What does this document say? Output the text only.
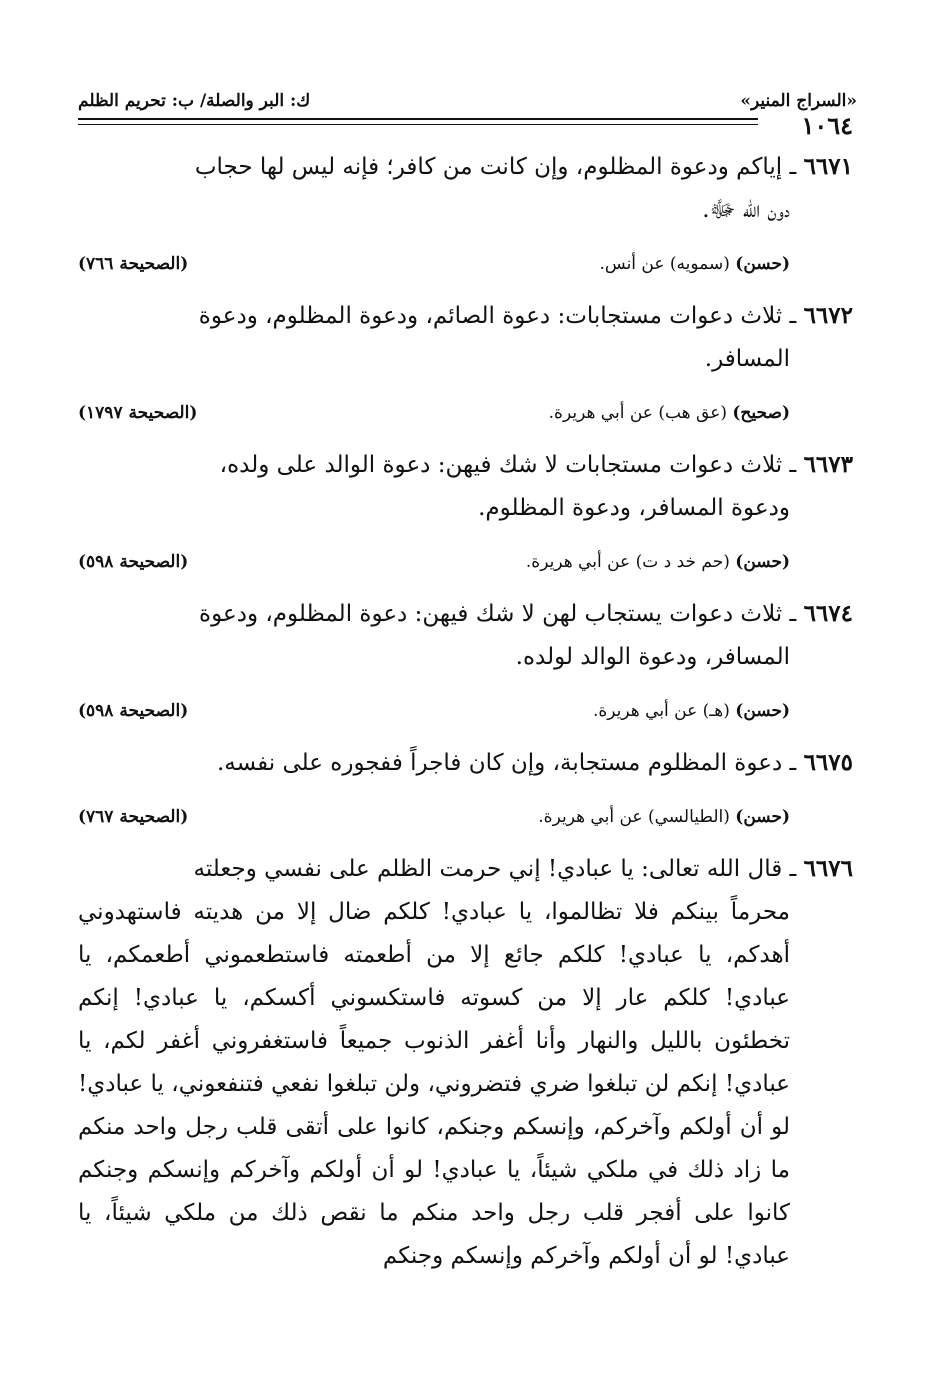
«السراج المنير»
ك: البر والصلة/ ب: تحريم الظلم
١٠٦٤
٦٦٧١ ـ إياكم ودعوة المظلوم، وإن كانت من كافر؛ فإنه ليس لها حجاب
دون الله ﷻ.
(حسن) (سمويه) عن أنس.
(الصحيحة ٧٦٦)
٦٦٧٢ ـ ثلاث دعوات مستجابات: دعوة الصائم، ودعوة المظلوم، ودعوة
المسافر.
(صحيح) (عق هب) عن أبي هريرة.
(الصحيحة ١٧٩٧)
٦٦٧٣ ـ ثلاث دعوات مستجابات لا شك فيهن: دعوة الوالد على ولده،
ودعوة المسافر، ودعوة المظلوم.
(حسن) (حم خد د ت) عن أبي هريرة.
(الصحيحة ٥٩٨)
٦٦٧٤ ـ ثلاث دعوات يستجاب لهن لا شك فيهن: دعوة المظلوم، ودعوة
المسافر، ودعوة الوالد لولده.
(حسن) (هـ) عن أبي هريرة.
(الصحيحة ٥٩٨)
٦٦٧٥ ـ دعوة المظلوم مستجابة، وإن كان فاجراً ففجوره على نفسه.
(حسن) (الطيالسي) عن أبي هريرة.
(الصحيحة ٧٦٧)
٦٦٧٦ ـ قال الله تعالى: يا عبادي! إني حرمت الظلم على نفسي وجعلته
محرماً بينكم فلا تظالموا، يا عبادي! كلكم ضال إلا من هديته فاستهدوني أهدكم، يا عبادي! كلكم جائع إلا من أطعمته فاستطعموني أطعمكم، يا عبادي! كلكم عار إلا من كسوته فاستكسوني أكسكم، يا عبادي! إنكم تخطئون بالليل والنهار وأنا أغفر الذنوب جميعاً فاستغفروني أغفر لكم، يا عبادي! إنكم لن تبلغوا ضري فتضروني، ولن تبلغوا نفعي فتنفعوني، يا عبادي! لو أن أولكم وآخركم، وإنسكم وجنكم، كانوا على أتقى قلب رجل واحد منكم ما زاد ذلك في ملكي شيئاً، يا عبادي! لو أن أولكم وآخركم وإنسكم وجنكم كانوا على أفجر قلب رجل واحد منكم ما نقص ذلك من ملكي شيئاً، يا عبادي! لو أن أولكم وآخركم وإنسكم وجنكم
